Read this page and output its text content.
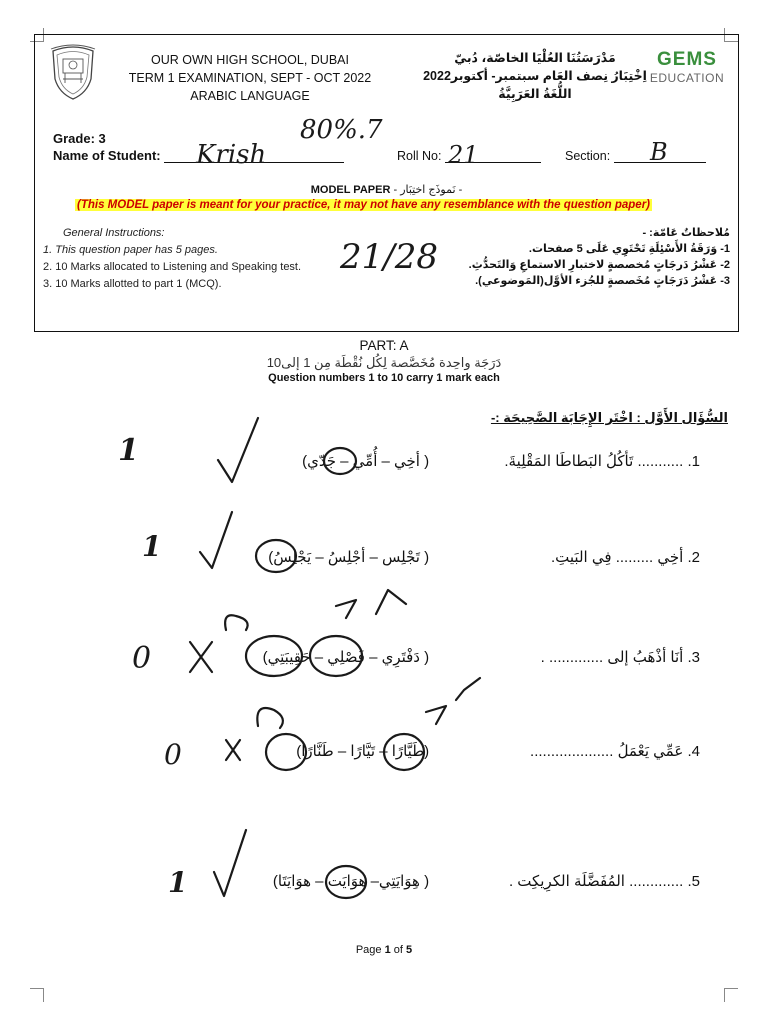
OUR OWN HIGH SCHOOL, DUBAI
TERM 1 EXAMINATION, SEPT - OCT 2022
ARABIC LANGUAGE
مَدْرَسَتُنَا العُلْيَا الخاصّة، دُبيّ
اِخْتِبَارُ نِصف العَام سبتمبر- أكتوبر2022
اللُّغَةُ العَرَبِيَّةُ
GEMS
EDUCATION
Grade: 3
Name of Student:	Roll No:	Section:
MODEL PAPER - نَموذَج اختِبَار -
(This MODEL paper is meant for your practice, it may not have any resemblance with the question paper)
General Instructions:
1. This question paper has 5 pages.
2. 10 Marks allocated to Listening and Speaking test.
3. 10 Marks allotted to part 1 (MCQ).
مُلاحظاتٌ عَامّة: -
1- وَرَقَةُ الأَسْئِلَةِ تَحْتَوِي عَلَى 5 صفحات.
2- عَشْرُ دَرجَاتٍ مُخصصةٍ لاختبارِ الاستماعِ وَالتَحدُّثِ.
3- عَشْرُ دَرَجَاتٍ مُخَصصةٍ للجُزء الأوَّل(المَوضوعي).
PART: A
دَرَجَة واحِدة مُخَصَّصة لِكُل نُقْطَة مِن 1 إلى10
Question numbers 1 to 10 carry 1 mark each
السُّؤَال الأَوَّل : اخْتَر الإِجَابَة الصَّحِيحَة :-
1. ........... تَأكُلُ البَطاطَا المَقْلِيةَ. ( أخِي – أُمِّي – جَدّي)
2. أخِي ......... فِي البَيتِ. ( تَجْلِس – أجْلِسُ – يَجْلِسُ)
3. أنَا أذْهَبُ إلى ............. . ( دَفْتَرِي – فَصْلِي – حَقِيبَتِي)
4. عَمِّي يَعْمَلُ .................... (طَيَّارًا – تَيَّارًا – طَنَّارًا)
5. ............. المُفَضَّلَة الكرِيكِت . ( هِوَايَتِي– هوَايَت – هوَايَتَا)
Page 1 of 5
Krish	21	B
80%.7
21/28
1
1
0
0
1
